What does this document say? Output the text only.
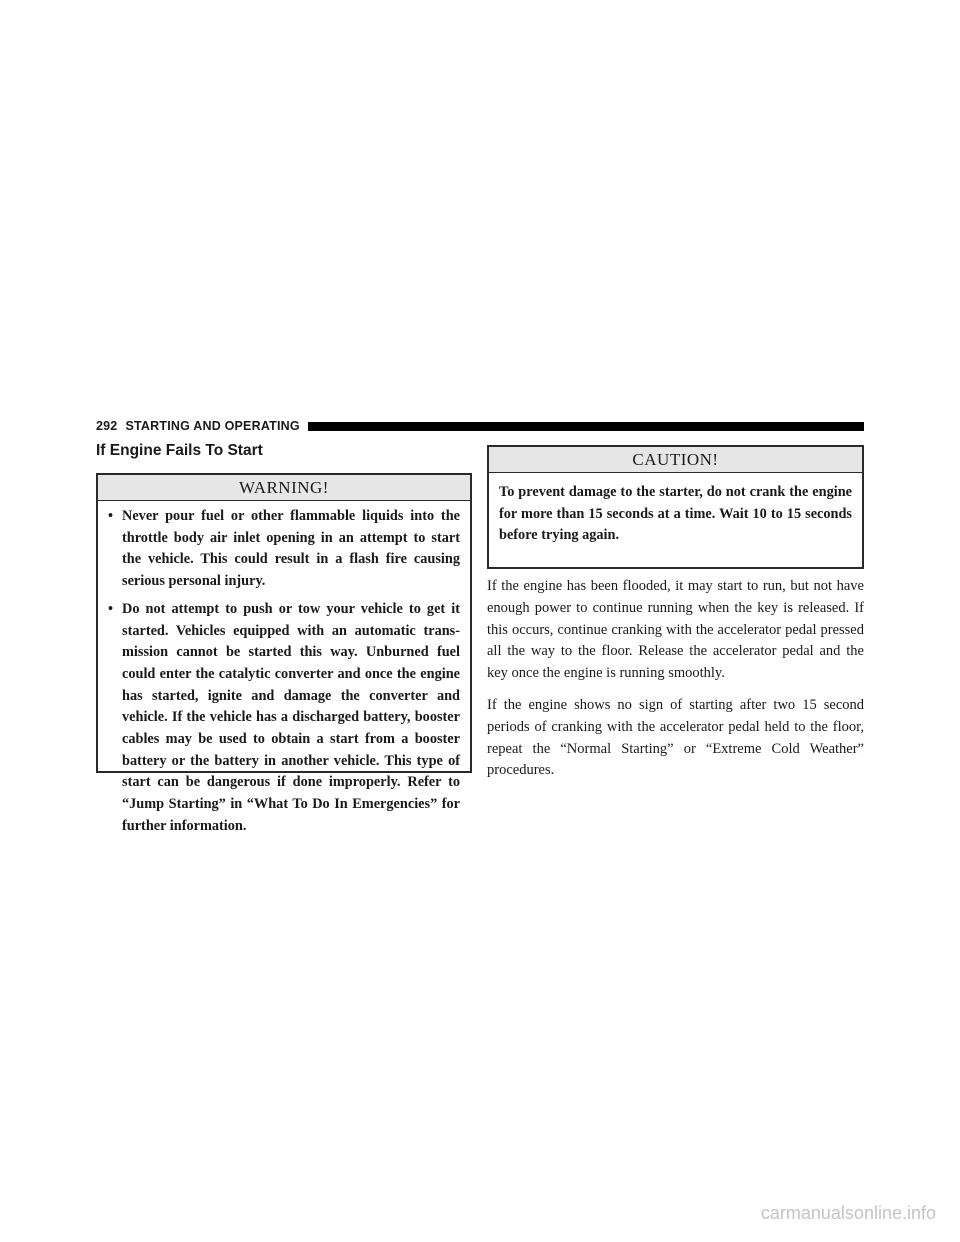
292 STARTING AND OPERATING
If Engine Fails To Start
WARNING!
• Never pour fuel or other flammable liquids into the throttle body air inlet opening in an attempt to start the vehicle. This could result in a flash fire causing serious personal injury.
• Do not attempt to push or tow your vehicle to get it started. Vehicles equipped with an automatic transmission cannot be started this way. Unburned fuel could enter the catalytic converter and once the engine has started, ignite and damage the converter and vehicle. If the vehicle has a discharged battery, booster cables may be used to obtain a start from a booster battery or the battery in another vehicle. This type of start can be dangerous if done improperly. Refer to “Jump Starting” in “What To Do In Emergencies” for further information.
CAUTION!
To prevent damage to the starter, do not crank the engine for more than 15 seconds at a time. Wait 10 to 15 seconds before trying again.

If the engine has been flooded, it may start to run, but not have enough power to continue running when the key is released. If this occurs, continue cranking with the accelerator pedal pressed all the way to the floor. Release the accelerator pedal and the key once the engine is running smoothly.

If the engine shows no sign of starting after two 15 second periods of cranking with the accelerator pedal held to the floor, repeat the “Normal Starting” or “Extreme Cold Weather” procedures.

carmanualsonline.info
